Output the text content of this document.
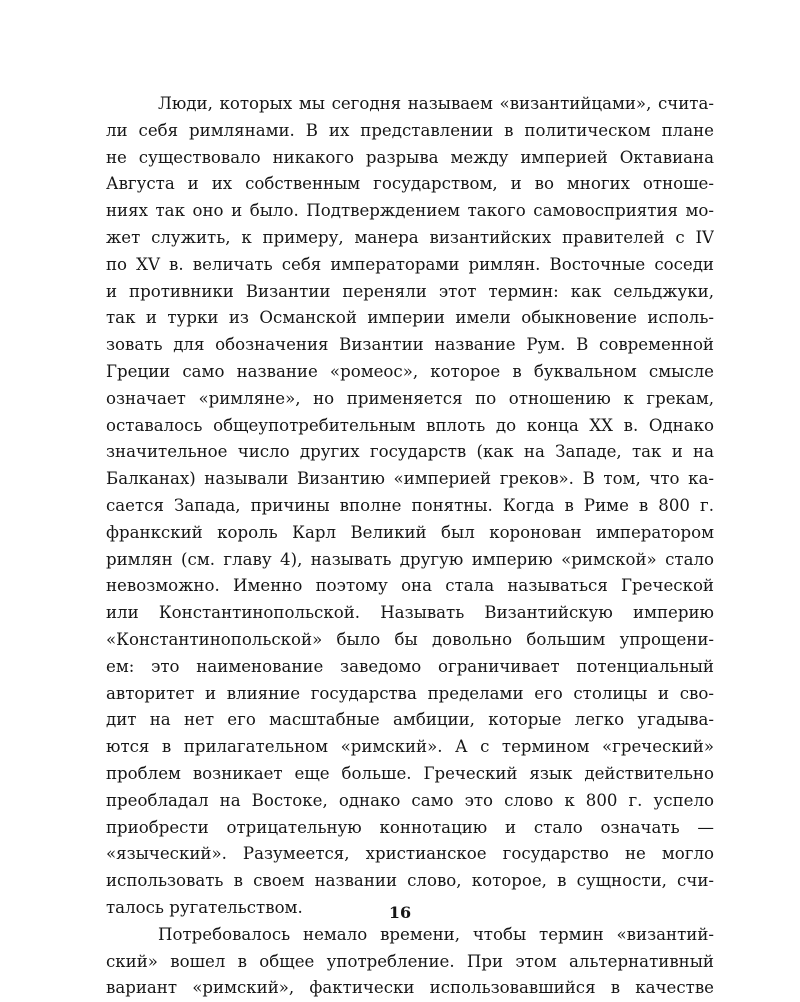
Люди, которых мы сегодня называем «византийцами», счита-
ли себя римлянами. В их представлении в политическом плане
не существовало никакого разрыва между империей Октавиана
Августа и их собственным государством, и во многих отноше-
ниях так оно и было. Подтверждением такого самовосприятия мо-
жет служить, к примеру, манера византийских правителей с IV
по XV в. величать себя императорами римлян. Восточные соседи
и противники Византии переняли этот термин: как сельджуки,
так и турки из Османской империи имели обыкновение исполь-
зовать для обозначения Византии название Рум. В современной
Греции само название «ромеос», которое в буквальном смысле
означает «римляне», но применяется по отношению к грекам,
оставалось общеупотребительным вплоть до конца XX в. Однако
значительное число других государств (как на Западе, так и на
Балканах) называли Византию «империей греков». В том, что ка-
сается Запада, причины вполне понятны. Когда в Риме в 800 г.
франкский король Карл Великий был коронован императором
римлян (см. главу 4), называть другую империю «римской» стало
невозможно. Именно поэтому она стала называться Греческой
или Константинопольской. Называть Византийскую империю
«Константинопольской» было бы довольно большим упрощени-
ем: это наименование заведомо ограничивает потенциальный
авторитет и влияние государства пределами его столицы и сво-
дит на нет его масштабные амбиции, которые легко угадыва-
ются в прилагательном «римский». А с термином «греческий»
проблем возникает еще больше. Греческий язык действительно
преобладал на Востоке, однако само это слово к 800 г. успело
приобрести отрицательную коннотацию и стало означать —
«языческий». Разумеется, христианское государство не могло
использовать в своем названии слово, которое, в сущности, счи-
талось ругательством.
Потребовалось немало времени, чтобы термин «византий-
ский» вошел в общее употребление. При этом альтернативный
вариант «римский», фактически использовавшийся в качестве
16
